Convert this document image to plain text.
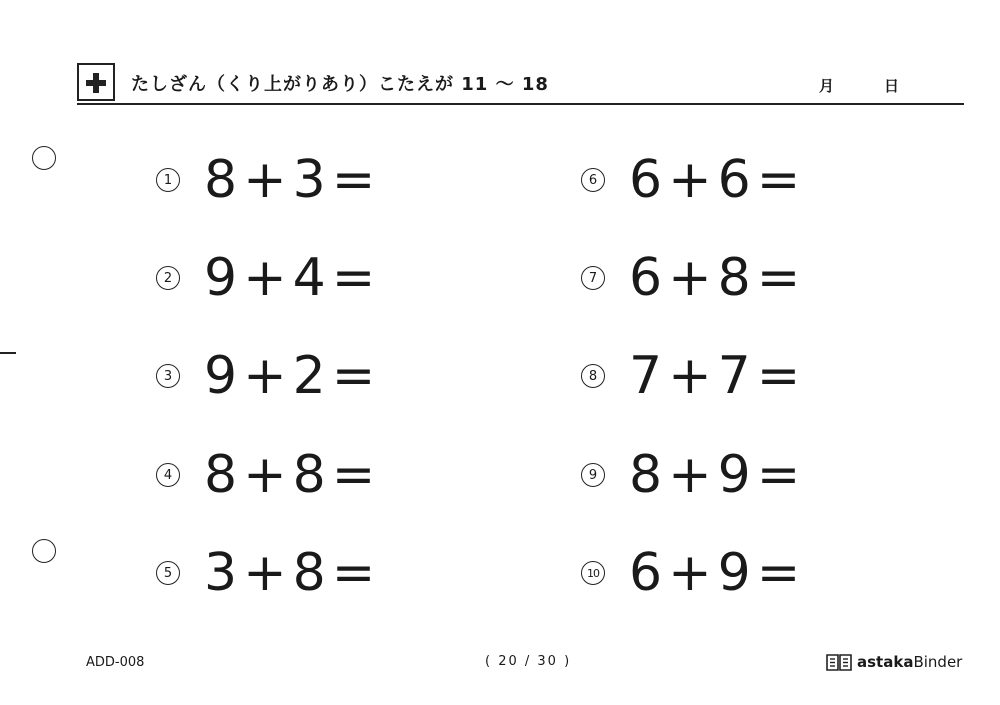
たしざん（くり上がりあり）こたえが 11 〜 18	月	日
1 8 + 3 =
2 9 + 4 =
3 9 + 2 =
4 8 + 8 =
5 3 + 8 =
6 6 + 6 =
7 6 + 8 =
8 7 + 7 =
9 8 + 9 =
10 6 + 9 =
ADD-008	( 20 / 30 )	astaka Binder
